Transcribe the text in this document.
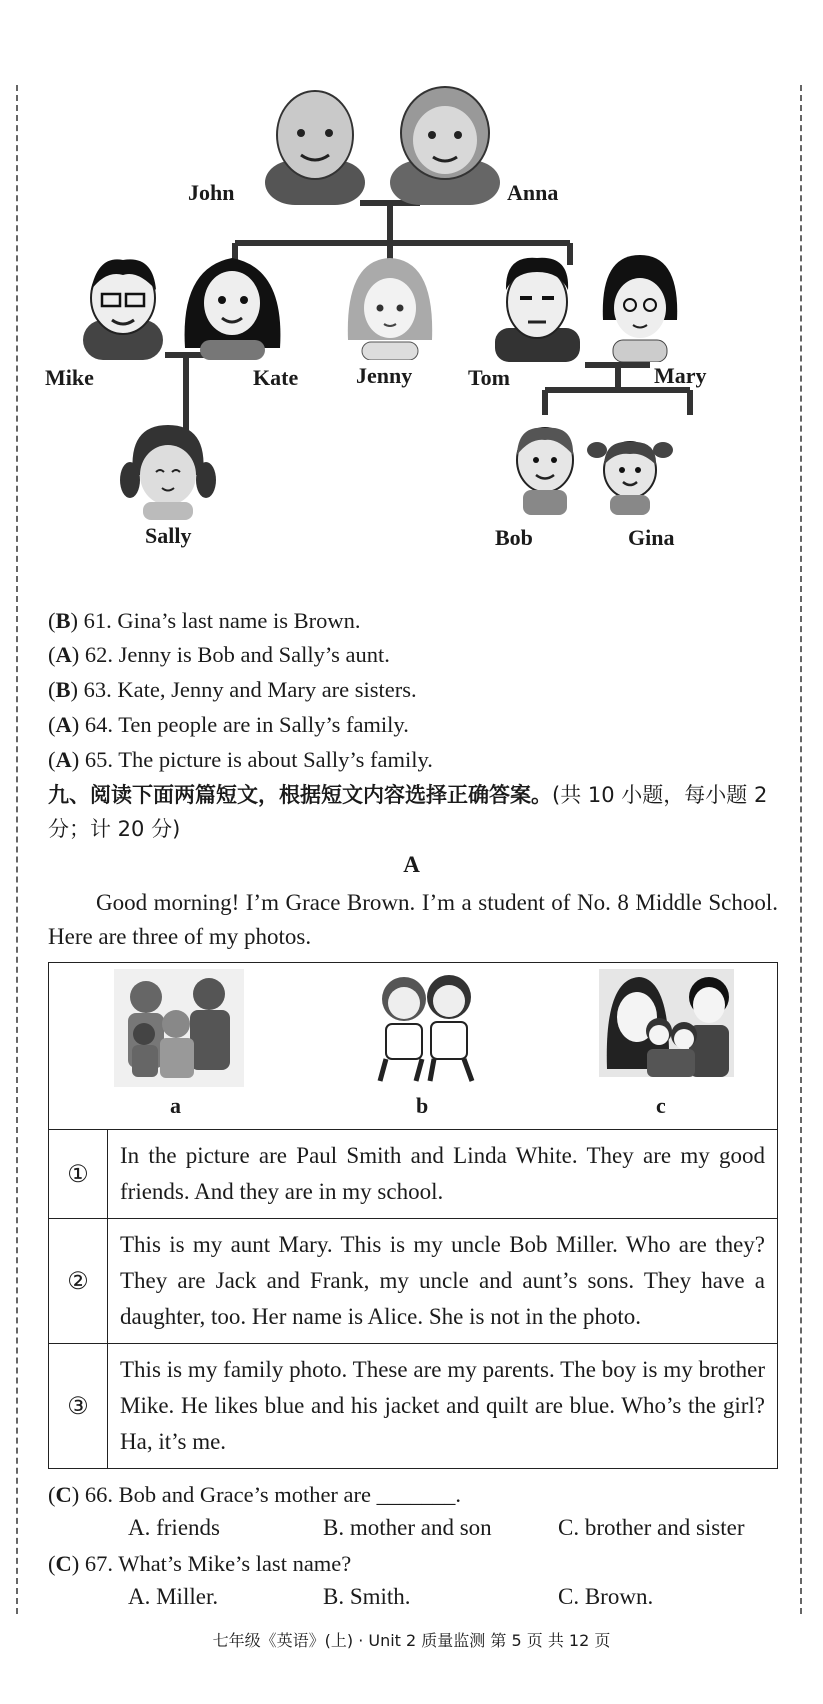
John	Anna
Mike	Kate	Jenny	Tom	Mary
Sally	Bob	Gina
(B) 61. Gina’s last name is Brown.
(A) 62. Jenny is Bob and Sally’s aunt.
(B) 63. Kate, Jenny and Mary are sisters.
(A) 64. Ten people are in Sally’s family.
(A) 65. The picture is about Sally’s family.
九、阅读下面两篇短文，根据短文内容选择正确答案。(共 10 小题，每小题 2 分；计 20 分)
A
Good morning! I’m Grace Brown. I’m a student of No. 8 Middle School. Here are three of my photos.
a b c	

①	In the picture are Paul Smith and Linda White. They are my good friends. And they are in my school.
②	This is my aunt Mary. This is my uncle Bob Miller. Who are they? They are Jack and Frank, my uncle and aunt’s sons. They have a daughter, too. Her name is Alice. She is not in the photo.
③	This is my family photo. These are my parents. The boy is my brother Mike. He likes blue and his jacket and quilt are blue. Who’s the girl? Ha, it’s me.
(C) 66. Bob and Grace’s mother are _______.
A. friends	B. mother and son	C. brother and sister
(C) 67. What’s Mike’s last name?
A. Miller.	B. Smith.	C. Brown.
七年级《英语》(上) · Unit 2 质量监测 第 5 页 共 12 页
